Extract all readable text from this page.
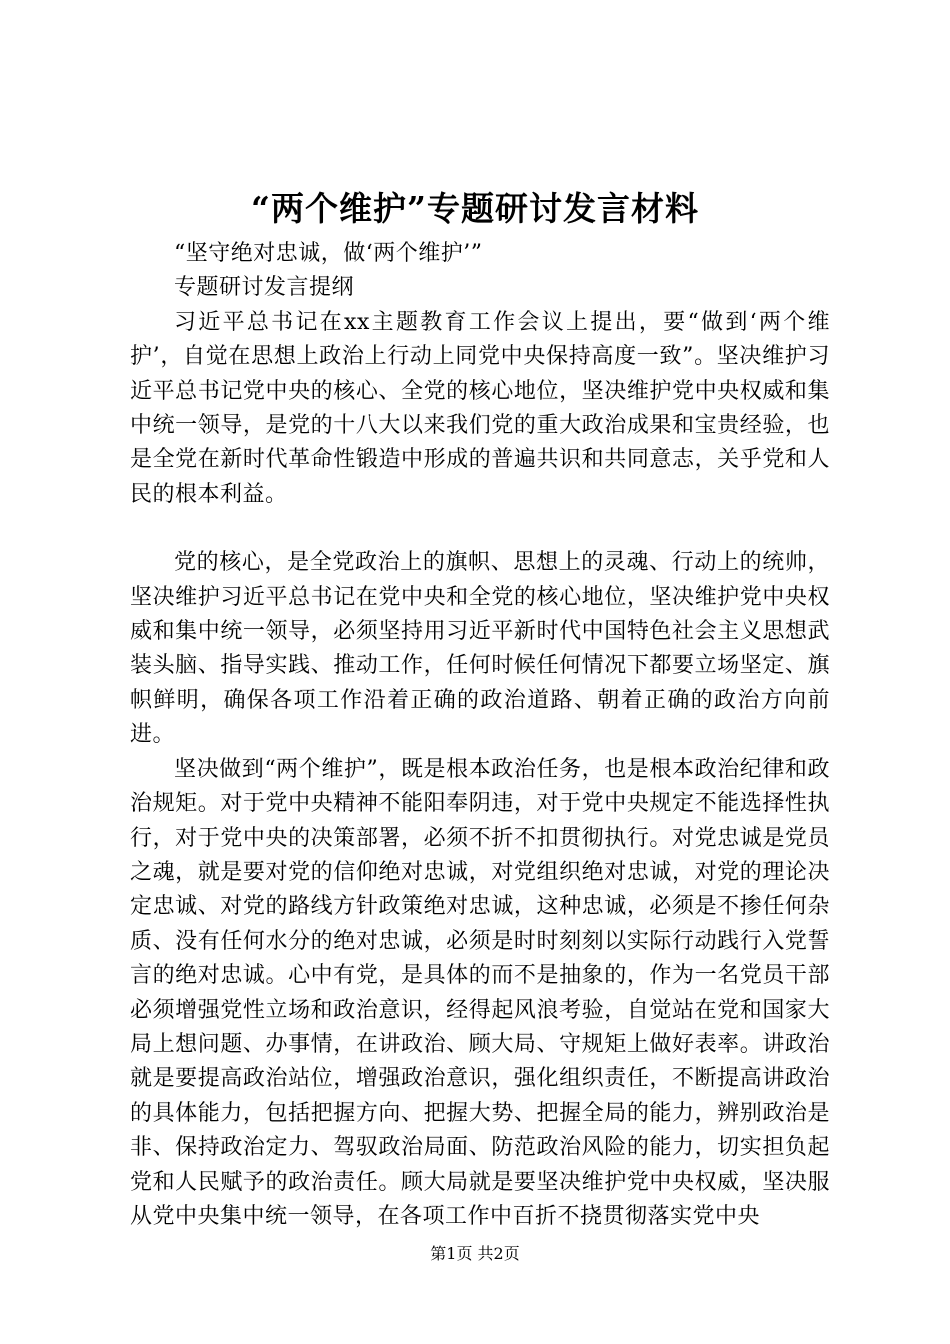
“两个维护”专题研讨发言材料

“坚守绝对忠诚，做‘两个维护’”

专题研讨发言提纲

习近平总书记在xx主题教育工作会议上提出，要“做到‘两个维护’，自觉在思想上政治上行动上同党中央保持高度一致”。坚决维护习近平总书记党中央的核心、全党的核心地位，坚决维护党中央权威和集中统一领导，是党的十八大以来我们党的重大政治成果和宝贵经验，也是全党在新时代革命性锻造中形成的普遍共识和共同意志，关乎党和人民的根本利益。

党的核心，是全党政治上的旗帜、思想上的灵魂、行动上的统帅，坚决维护习近平总书记在党中央和全党的核心地位，坚决维护党中央权威和集中统一领导，必须坚持用习近平新时代中国特色社会主义思想武装头脑、指导实践、推动工作，任何时候任何情况下都要立场坚定、旗帜鲜明，确保各项工作沿着正确的政治道路、朝着正确的政治方向前进。

坚决做到“两个维护”，既是根本政治任务，也是根本政治纪律和政治规矩。对于党中央精神不能阳奉阴违，对于党中央规定不能选择性执行，对于党中央的决策部署，必须不折不扣贯彻执行。对党忠诚是党员之魂，就是要对党的信仰绝对忠诚，对党组织绝对忠诚，对党的理论决定忠诚、对党的路线方针政策绝对忠诚，这种忠诚，必须是不掺任何杂质、没有任何水分的绝对忠诚，必须是时时刻刻以实际行动践行入党誓言的绝对忠诚。心中有党，是具体的而不是抽象的，作为一名党员干部必须增强党性立场和政治意识，经得起风浪考验，自觉站在党和国家大局上想问题、办事情，在讲政治、顾大局、守规矩上做好表率。讲政治就是要提高政治站位，增强政治意识，强化组织责任，不断提高讲政治的具体能力，包括把握方向、把握大势、把握全局的能力，辨别政治是非、保持政治定力、驾驭政治局面、防范政治风险的能力，切实担负起党和人民赋予的政治责任。顾大局就是要坚决维护党中央权威，坚决服从党中央集中统一领导，在各项工作中百折不挠贯彻落实党中央

第1页 共2页
